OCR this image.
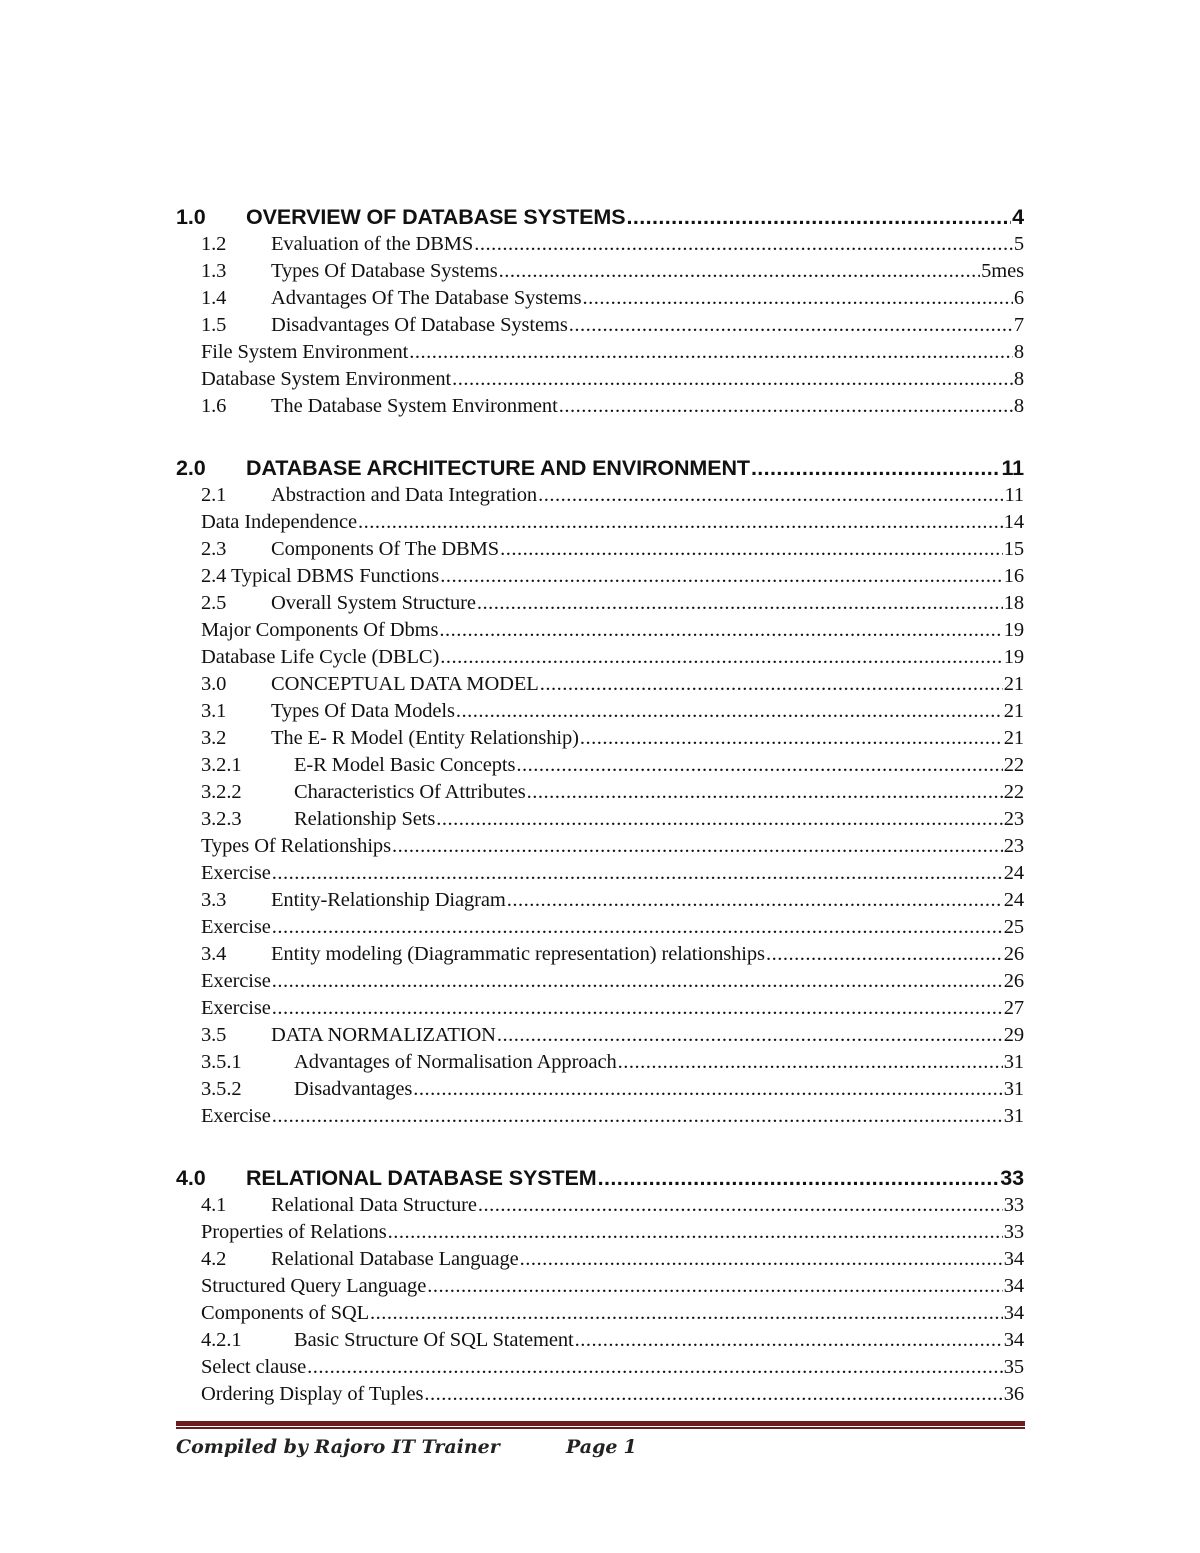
1.0	OVERVIEW OF DATABASE SYSTEMS .....	4
1.2	Evaluation of the DBMS .....	5
1.3	Types Of Database Systems .....	5mes
1.4	Advantages Of The Database Systems .....	6
1.5	Disadvantages Of Database Systems .....	7
File System Environment .....	8
Database System Environment .....	8
1.6	The Database System Environment .....	8
2.0	DATABASE ARCHITECTURE AND ENVIRONMENT .....	11
2.1	Abstraction and Data Integration .....	11
Data Independence .....	14
2.3	Components Of The DBMS .....	15
2.4 Typical DBMS Functions .....	16
2.5	Overall System Structure .....	18
Major Components Of Dbms .....	19
Database Life Cycle (DBLC) .....	19
3.0	CONCEPTUAL DATA MODEL .....	21
3.1	Types Of Data Models .....	21
3.2	The E- R Model (Entity Relationship) .....	21
3.2.1	E-R Model Basic Concepts .....	22
3.2.2	Characteristics Of Attributes .....	22
3.2.3	Relationship Sets .....	23
Types Of Relationships .....	23
Exercise .....	24
3.3	Entity-Relationship Diagram .....	24
Exercise .....	25
3.4	Entity modeling (Diagrammatic representation) relationships .....	26
Exercise .....	26
Exercise .....	27
3.5	DATA NORMALIZATION .....	29
3.5.1	Advantages of Normalisation Approach .....	31
3.5.2	Disadvantages .....	31
Exercise .....	31
4.0	RELATIONAL DATABASE SYSTEM .....	33
4.1	Relational Data Structure .....	33
Properties of Relations .....	33
4.2	Relational Database Language .....	34
Structured Query Language .....	34
Components of SQL .....	34
4.2.1	Basic Structure Of SQL Statement .....	34
Select clause .....	35
Ordering Display of Tuples .....	36
Compiled by Rajoro IT Trainer	Page 1
